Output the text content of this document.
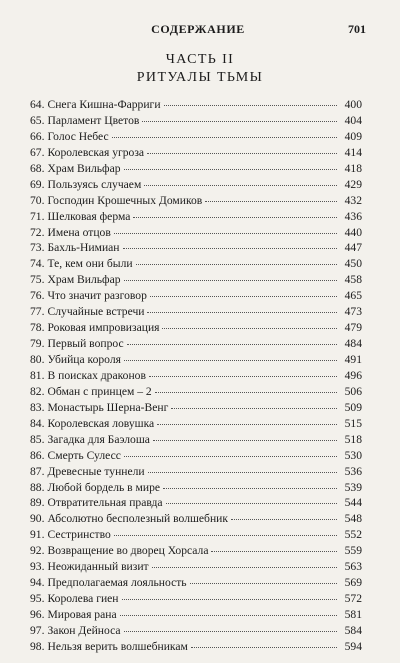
СОДЕРЖАНИЕ	701
ЧАСТЬ II
РИТУАЛЫ ТЬМЫ
64. Снега Кишна-Фарриги	400
65. Парламент Цветов	404
66. Голос Небес	409
67. Королевская угроза	414
68. Храм Вильфар	418
69. Пользуясь случаем	429
70. Господин Крошечных Домиков	432
71. Шелковая ферма	436
72. Имена отцов	440
73. Бахль-Нимиан	447
74. Те, кем они были	450
75. Храм Вильфар	458
76. Что значит разговор	465
77. Случайные встречи	473
78. Роковая импровизация	479
79. Первый вопрос	484
80. Убийца короля	491
81. В поисках драконов	496
82. Обман с принцем – 2	506
83. Монастырь Шерна-Венг	509
84. Королевская ловушка	515
85. Загадка для Баэлоша	518
86. Смерть Сулесс	530
87. Древесные туннели	536
88. Любой бордель в мире	539
89. Отвратительная правда	544
90. Абсолютно бесполезный волшебник	548
91. Сестринство	552
92. Возвращение во дворец Хорсала	559
93. Неожиданный визит	563
94. Предполагаемая лояльность	569
95. Королева гиен	572
96. Мировая рана	581
97. Закон Дейноса	584
98. Нельзя верить волшебникам	594
